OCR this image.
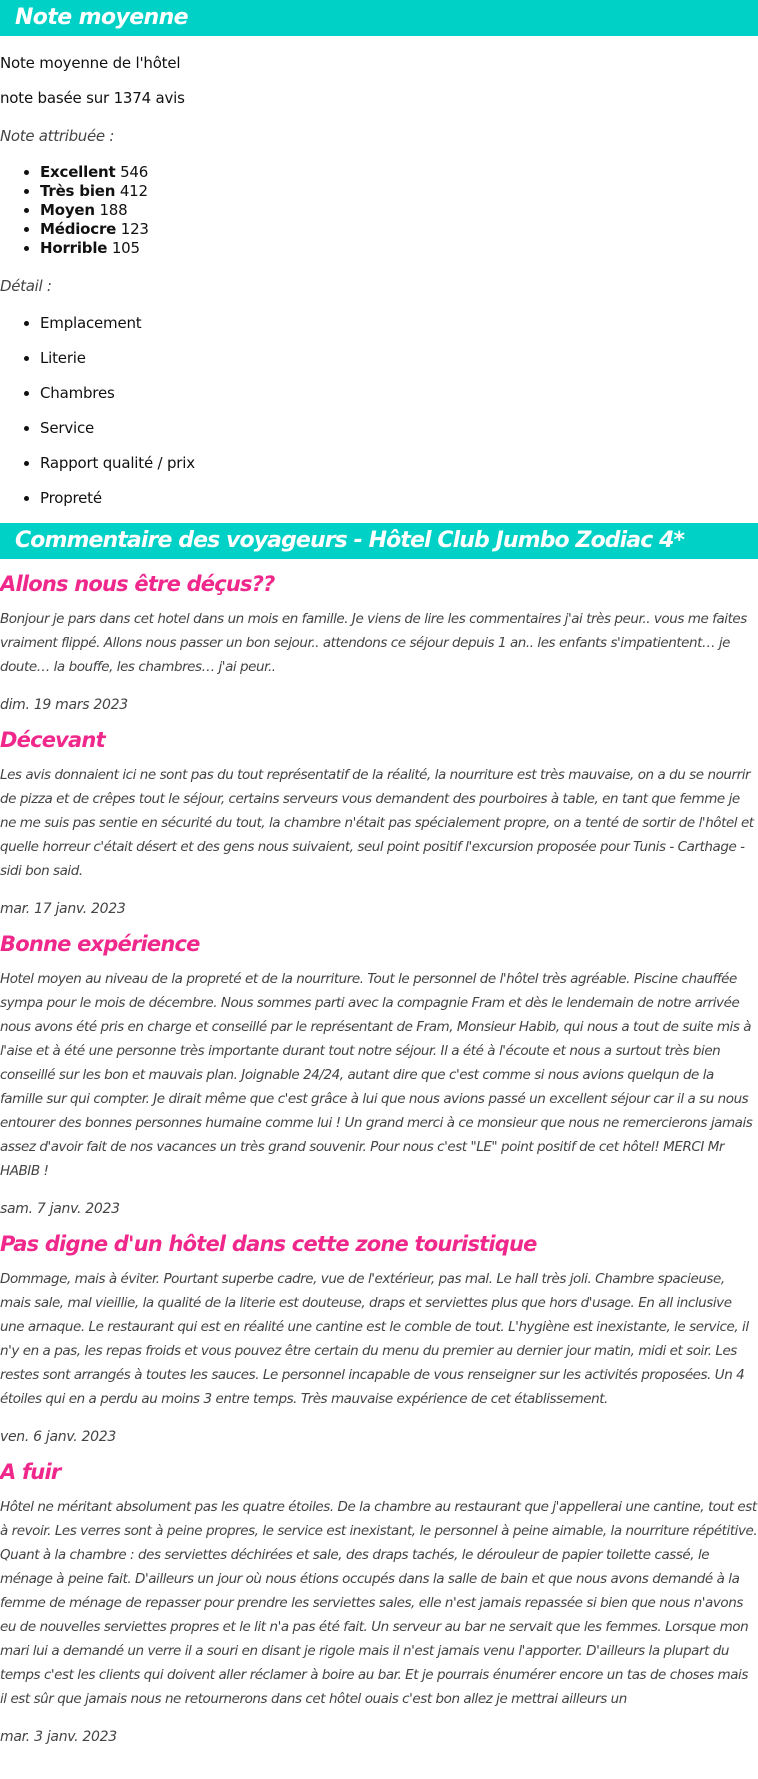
Note moyenne

Note moyenne de l'hôtel

note basée sur 1374 avis

Note attribuée :
• Excellent 546
• Très bien 412
• Moyen 188
• Médiocre 123
• Horrible 105
Détail :
• Emplacement
• Literie
• Chambres
• Service
• Rapport qualité / prix
• Propreté
Commentaire des voyageurs - Hôtel Club Jumbo Zodiac 4*
Allons nous être déçus??

Bonjour je pars dans cet hotel dans un mois en famille. Je viens de lire les commentaires j'ai très peur.. vous me faites vraiment flippé. Allons nous passer un bon sejour.. attendons ce séjour depuis 1 an.. les enfants s'impatientent… je doute… la bouffe, les chambres… j'ai peur..

dim. 19 mars 2023

Décevant

Les avis donnaient ici ne sont pas du tout représentatif de la réalité, la nourriture est très mauvaise, on a du se nourrir de pizza et de crêpes tout le séjour, certains serveurs vous demandent des pourboires à table, en tant que femme je ne me suis pas sentie en sécurité du tout, la chambre n'était pas spécialement propre, on a tenté de sortir de l'hôtel et quelle horreur c'était désert et des gens nous suivaient, seul point positif l'excursion proposée pour Tunis - Carthage - sidi bon said.

mar. 17 janv. 2023

Bonne expérience

Hotel moyen au niveau de la propreté et de la nourriture. Tout le personnel de l'hôtel très agréable. Piscine chauffée sympa pour le mois de décembre. Nous sommes parti avec la compagnie Fram et dès le lendemain de notre arrivée nous avons été pris en charge et conseillé par le représentant de Fram, Monsieur Habib, qui nous a tout de suite mis à l'aise et à été une personne très importante durant tout notre séjour. Il a été à l'écoute et nous a surtout très bien conseillé sur les bon et mauvais plan. Joignable 24/24, autant dire que c'est comme si nous avions quelqun de la famille sur qui compter. Je dirait même que c'est grâce à lui que nous avions passé un excellent séjour car il a su nous entourer des bonnes personnes humaine comme lui ! Un grand merci à ce monsieur que nous ne remercierons jamais assez d'avoir fait de nos vacances un très grand souvenir. Pour nous c'est "LE" point positif de cet hôtel! MERCI Mr HABIB !

sam. 7 janv. 2023

Pas digne d'un hôtel dans cette zone touristique

Dommage, mais à éviter. Pourtant superbe cadre, vue de l'extérieur, pas mal. Le hall très joli. Chambre spacieuse, mais sale, mal vieillie, la qualité de la literie est douteuse, draps et serviettes plus que hors d'usage. En all inclusive une arnaque. Le restaurant qui est en réalité une cantine est le comble de tout. L'hygiène est inexistante, le service, il n'y en a pas, les repas froids et vous pouvez être certain du menu du premier au dernier jour matin, midi et soir. Les restes sont arrangés à toutes les sauces. Le personnel incapable de vous renseigner sur les activités proposées. Un 4 étoiles qui en a perdu au moins 3 entre temps. Très mauvaise expérience de cet établissement.

ven. 6 janv. 2023

A fuir

Hôtel ne méritant absolument pas les quatre étoiles. De la chambre au restaurant que j'appellerai une cantine, tout est à revoir. Les verres sont à peine propres, le service est inexistant, le personnel à peine aimable, la nourriture répétitive. Quant à la chambre : des serviettes déchirées et sale, des draps tachés, le dérouleur de papier toilette cassé, le ménage à peine fait. D'ailleurs un jour où nous étions occupés dans la salle de bain et que nous avons demandé à la femme de ménage de repasser pour prendre les serviettes sales, elle n'est jamais repassée si bien que nous n'avons eu de nouvelles serviettes propres et le lit n'a pas été fait. Un serveur au bar ne servait que les femmes. Lorsque mon mari lui a demandé un verre il a souri en disant je rigole mais il n'est jamais venu l'apporter. D'ailleurs la plupart du temps c'est les clients qui doivent aller réclamer à boire au bar. Et je pourrais énumérer encore un tas de choses mais il est sûr que jamais nous ne retournerons dans cet hôtel ouais c'est bon allez je mettrai ailleurs un

mar. 3 janv. 2023
